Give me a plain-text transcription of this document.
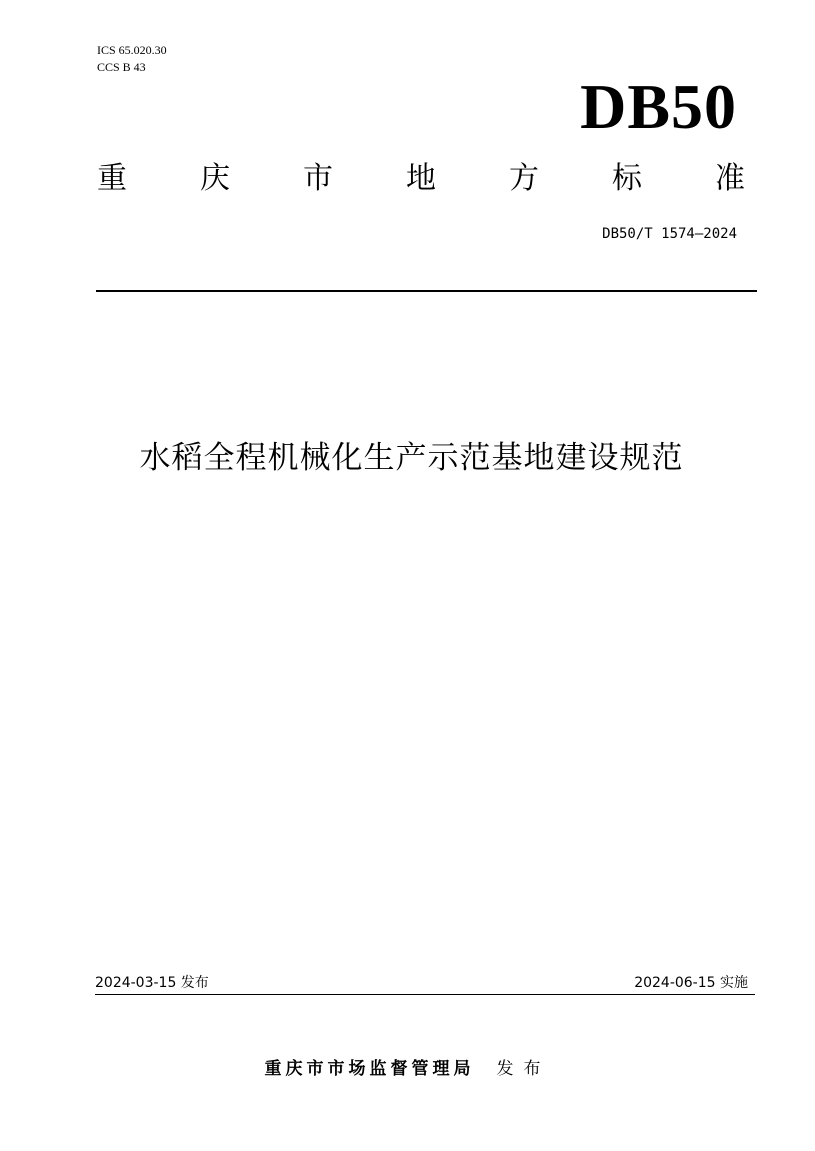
ICS 65.020.30
CCS B 43
DB50
重 庆 市 地 方 标 准
DB50/T 1574—2024
水稻全程机械化生产示范基地建设规范
2024-03-15 发布	2024-06-15 实施
重庆市市场监督管理局 发布
